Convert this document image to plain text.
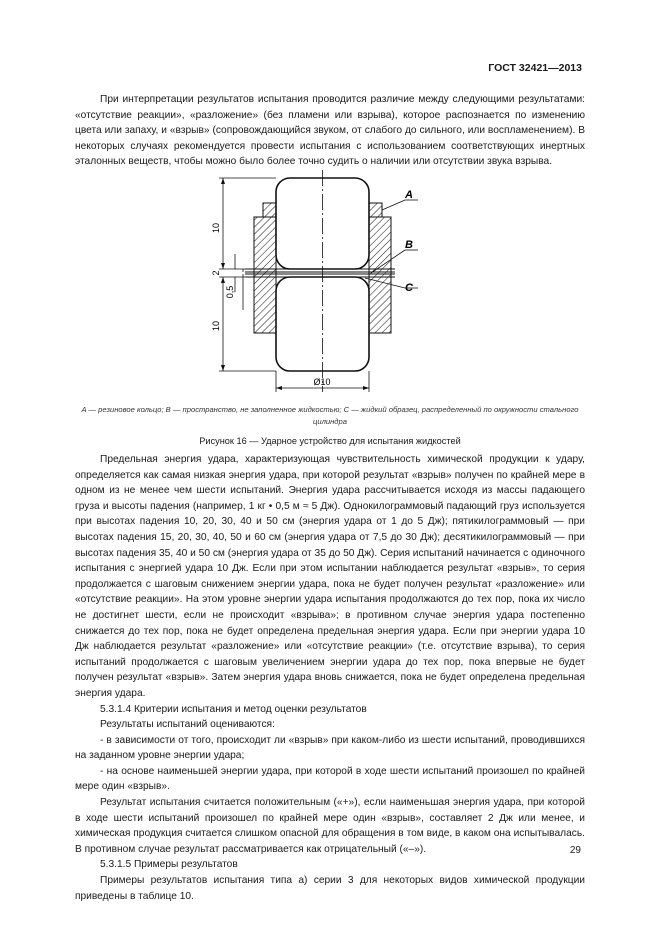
ГОСТ 32421—2013

При интерпретации результатов испытания проводится различие между следующими результатами: «отсутствие реакции», «разложение» (без пламени или взрыва), которое распознается по изменению цвета или запаху, и «взрыв» (сопровождающийся звуком, от слабого до сильного, или воспламенением). В некоторых случаях рекомендуется провести испытания с использованием соответствующих инертных эталонных веществ, чтобы можно было более точно судить о наличии или отсутствии звука взрыва.

10
2
0,5
10
Ø10
A
B
C
A — резиновое кольцо; B — пространство, не заполненное жидкостью; C — жидкий образец, распределенный по окружности стального цилиндра
Рисунок 16 — Ударное устройство для испытания жидкостей

Предельная энергия удара, характеризующая чувствительность химической продукции к удару, определяется как самая низкая энергия удара, при которой результат «взрыв» получен по крайней мере в одном из не менее чем шести испытаний. Энергия удара рассчитывается исходя из массы падающего груза и высоты падения (например, 1 кг • 0,5 м ≈ 5 Дж). Однокилограммовый падающий груз используется при высотах падения 10, 20, 30, 40 и 50 см (энергия удара от 1 до 5 Дж); пятикилограммовый — при высотах падения 15, 20, 30, 40, 50 и 60 см (энергия удара от 7,5 до 30 Дж); десятикилограммовый — при высотах падения 35, 40 и 50 см (энергия удара от 35 до 50 Дж). Серия испытаний начинается с одиночного испытания с энергией удара 10 Дж. Если при этом испытании наблюдается результат «взрыв», то серия продолжается с шаговым снижением энергии удара, пока не будет получен результат «разложение» или «отсутствие реакции». На этом уровне энергии удара испытания продолжаются до тех пор, пока их число не достигнет шести, если не происходит «взрыва»; в противном случае энергия удара постепенно снижается до тех пор, пока не будет определена предельная энергия удара. Если при энергии удара 10 Дж наблюдается результат «разложение» или «отсутствие реакции» (т.е. отсутствие взрыва), то серия испытаний продолжается с шаговым увеличением энергии удара до тех пор, пока впервые не будет получен результат «взрыв». Затем энергия удара вновь снижается, пока не будет определена предельная энергия удара.

5.3.1.4 Критерии испытания и метод оценки результатов

Результаты испытаний оцениваются:

- в зависимости от того, происходит ли «взрыв» при каком-либо из шести испытаний, проводившихся на заданном уровне энергии удара;

- на основе наименьшей энергии удара, при которой в ходе шести испытаний произошел по крайней мере один «взрыв».

Результат испытания считается положительным («+»), если наименьшая энергия удара, при которой в ходе шести испытаний произошел по крайней мере один «взрыв», составляет 2 Дж или менее, и химическая продукция считается слишком опасной для обращения в том виде, в каком она испытывалась. В противном случае результат рассматривается как отрицательный («–»).

5.3.1.5 Примеры результатов

Примеры результатов испытания типа а) серии 3 для некоторых видов химической продукции приведены в таблице 10.

29
